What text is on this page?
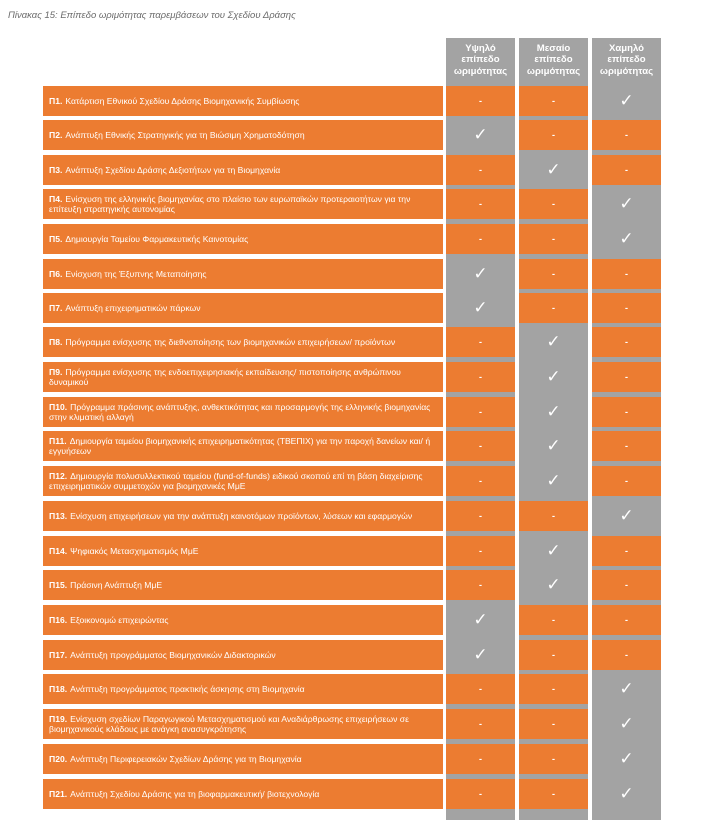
Πίνακας 15: Επίπεδο ωριμότητας παρεμβάσεων του Σχεδίου Δράσης
Υψηλό επίπεδο ωριμότητας
Μεσαίο επίπεδο ωριμότητας
Χαμηλό επίπεδο ωριμότητας
Π1. Κατάρτιση Εθνικού Σχεδίου Δράσης Βιομηχανικής Συμβίωσης	-	-	✓
Π2. Ανάπτυξη Εθνικής Στρατηγικής για τη Βιώσιμη Χρηματοδότηση	✓	-	-
Π3. Ανάπτυξη Σχεδίου Δράσης Δεξιοτήτων για τη Βιομηχανία	-	✓	-
Π4. Ενίσχυση της ελληνικής βιομηχανίας στο πλαίσιο των ευρωπαϊκών προτεραιοτήτων για την επίτευξη στρατηγικής αυτονομίας	-	-	✓
Π5. Δημιουργία Ταμείου Φαρμακευτικής Καινοτομίας	-	-	✓
Π6. Ενίσχυση της Έξυπνης Μεταποίησης	✓	-	-
Π7. Ανάπτυξη επιχειρηματικών πάρκων	✓	-	-
Π8. Πρόγραμμα ενίσχυσης της διεθνοποίησης των βιομηχανικών επιχειρήσεων/ προϊόντων	-	✓	-
Π9. Πρόγραμμα ενίσχυσης της ενδοεπιχειρησιακής εκπαίδευσης/ πιστοποίησης ανθρώπινου δυναμικού	-	✓	-
Π10. Πρόγραμμα πράσινης ανάπτυξης, ανθεκτικότητας και προσαρμογής της ελληνικής βιομηχανίας στην κλιματική αλλαγή	-	✓	-
Π11. Δημιουργία ταμείου βιομηχανικής επιχειρηματικότητας (ΤΒΕΠΙΧ) για την παροχή δανείων και/ ή εγγυήσεων	-	✓	-
Π12. Δημιουργία πολυσυλλεκτικού ταμείου (fund-of-funds) ειδικού σκοπού επί τη βάση διαχείρισης επιχειρηματικών συμμετοχών για βιομηχανικές ΜμΕ	-	✓	-
Π13. Ενίσχυση επιχειρήσεων για την ανάπτυξη καινοτόμων προϊόντων, λύσεων και εφαρμογών	-	-	✓
Π14. Ψηφιακός Μετασχηματισμός ΜμΕ	-	✓	-
Π15. Πράσινη Ανάπτυξη ΜμΕ	-	✓	-
Π16. Εξοικονομώ επιχειρώντας	✓	-	-
Π17. Ανάπτυξη προγράμματος Βιομηχανικών Διδακτορικών	✓	-	-
Π18. Ανάπτυξη προγράμματος πρακτικής άσκησης στη Βιομηχανία	-	-	✓
Π19. Ενίσχυση σχεδίων Παραγωγικού Μετασχηματισμού και Αναδιάρθρωσης επιχειρήσεων σε βιομηχανικούς κλάδους με ανάγκη ανασυγκρότησης	-	-	✓
Π20. Ανάπτυξη Περιφερειακών Σχεδίων Δράσης για τη Βιομηχανία	-	-	✓
Π21. Ανάπτυξη Σχεδίου Δράσης για τη βιοφαρμακευτική/ βιοτεχνολογία	-	-	✓
